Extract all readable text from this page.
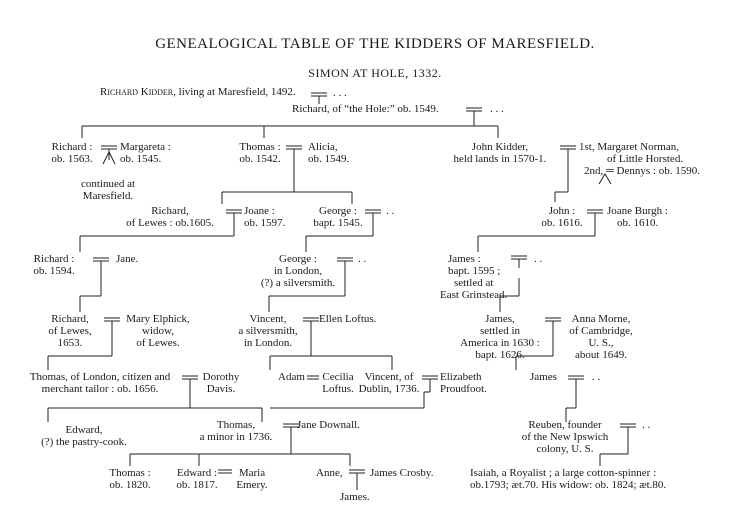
GENEALOGICAL TABLE OF THE KIDDERS OF MARESFIELD.
SIMON AT HOLE, 1332.
Richard Kidder, living at Maresfield, 1492.	. . .
Richard, of “the Hole:” ob. 1549.	. . .
Richard :
ob. 1563.
Margareta :
ob. 1545.
continued at
Maresfield.
Thomas :
ob. 1542.
Alicia,
ob. 1549.
John Kidder,
held lands in 1570-1.
1st, Margaret Norman,
of Little Horsted.
2nd, ═ Dennys : ob. 1590.
Richard,
of Lewes : ob.1605.
Joane :
ob. 1597.
George :
bapt. 1545.
. .	John :
ob. 1616.
Joane Burgh :
ob. 1610.
Richard :
ob. 1594.
Jane.	George :
in London,
(?) a silversmith.
. .	James :
bapt. 1595 ;
settled at
East Grinstead.
. .
Richard,
of Lewes,
1653.
Mary Elphick,
widow,
of Lewes.
Vincent,
a silversmith,
in London.
Ellen Loftus.	James,
settled in
America in 1630 :
bapt. 1626.
Anna Morne,
of Cambridge,
U. S.,
about 1649.
Thomas, of London, citizen and
merchant tailor : ob. 1656.
Dorothy
Davis.
Adam	Cecilia
Loftus.
Vincent, of
Dublin, 1736.
Elizabeth
Proudfoot.
James	. .
Edward,
(?) the pastry-cook.
Thomas,
a minor in 1736.
Jane Downall.	Reuben, founder
of the New Ipswich
colony, U. S.
. .
Thomas :
ob. 1820.
Edward :
ob. 1817.
Maria
Emery.
Anne, James Crosby.
James.
Isaiah, a Royalist ; a large cotton-spinner :
ob.1793; æt.70. His widow: ob. 1824; æt.80.
